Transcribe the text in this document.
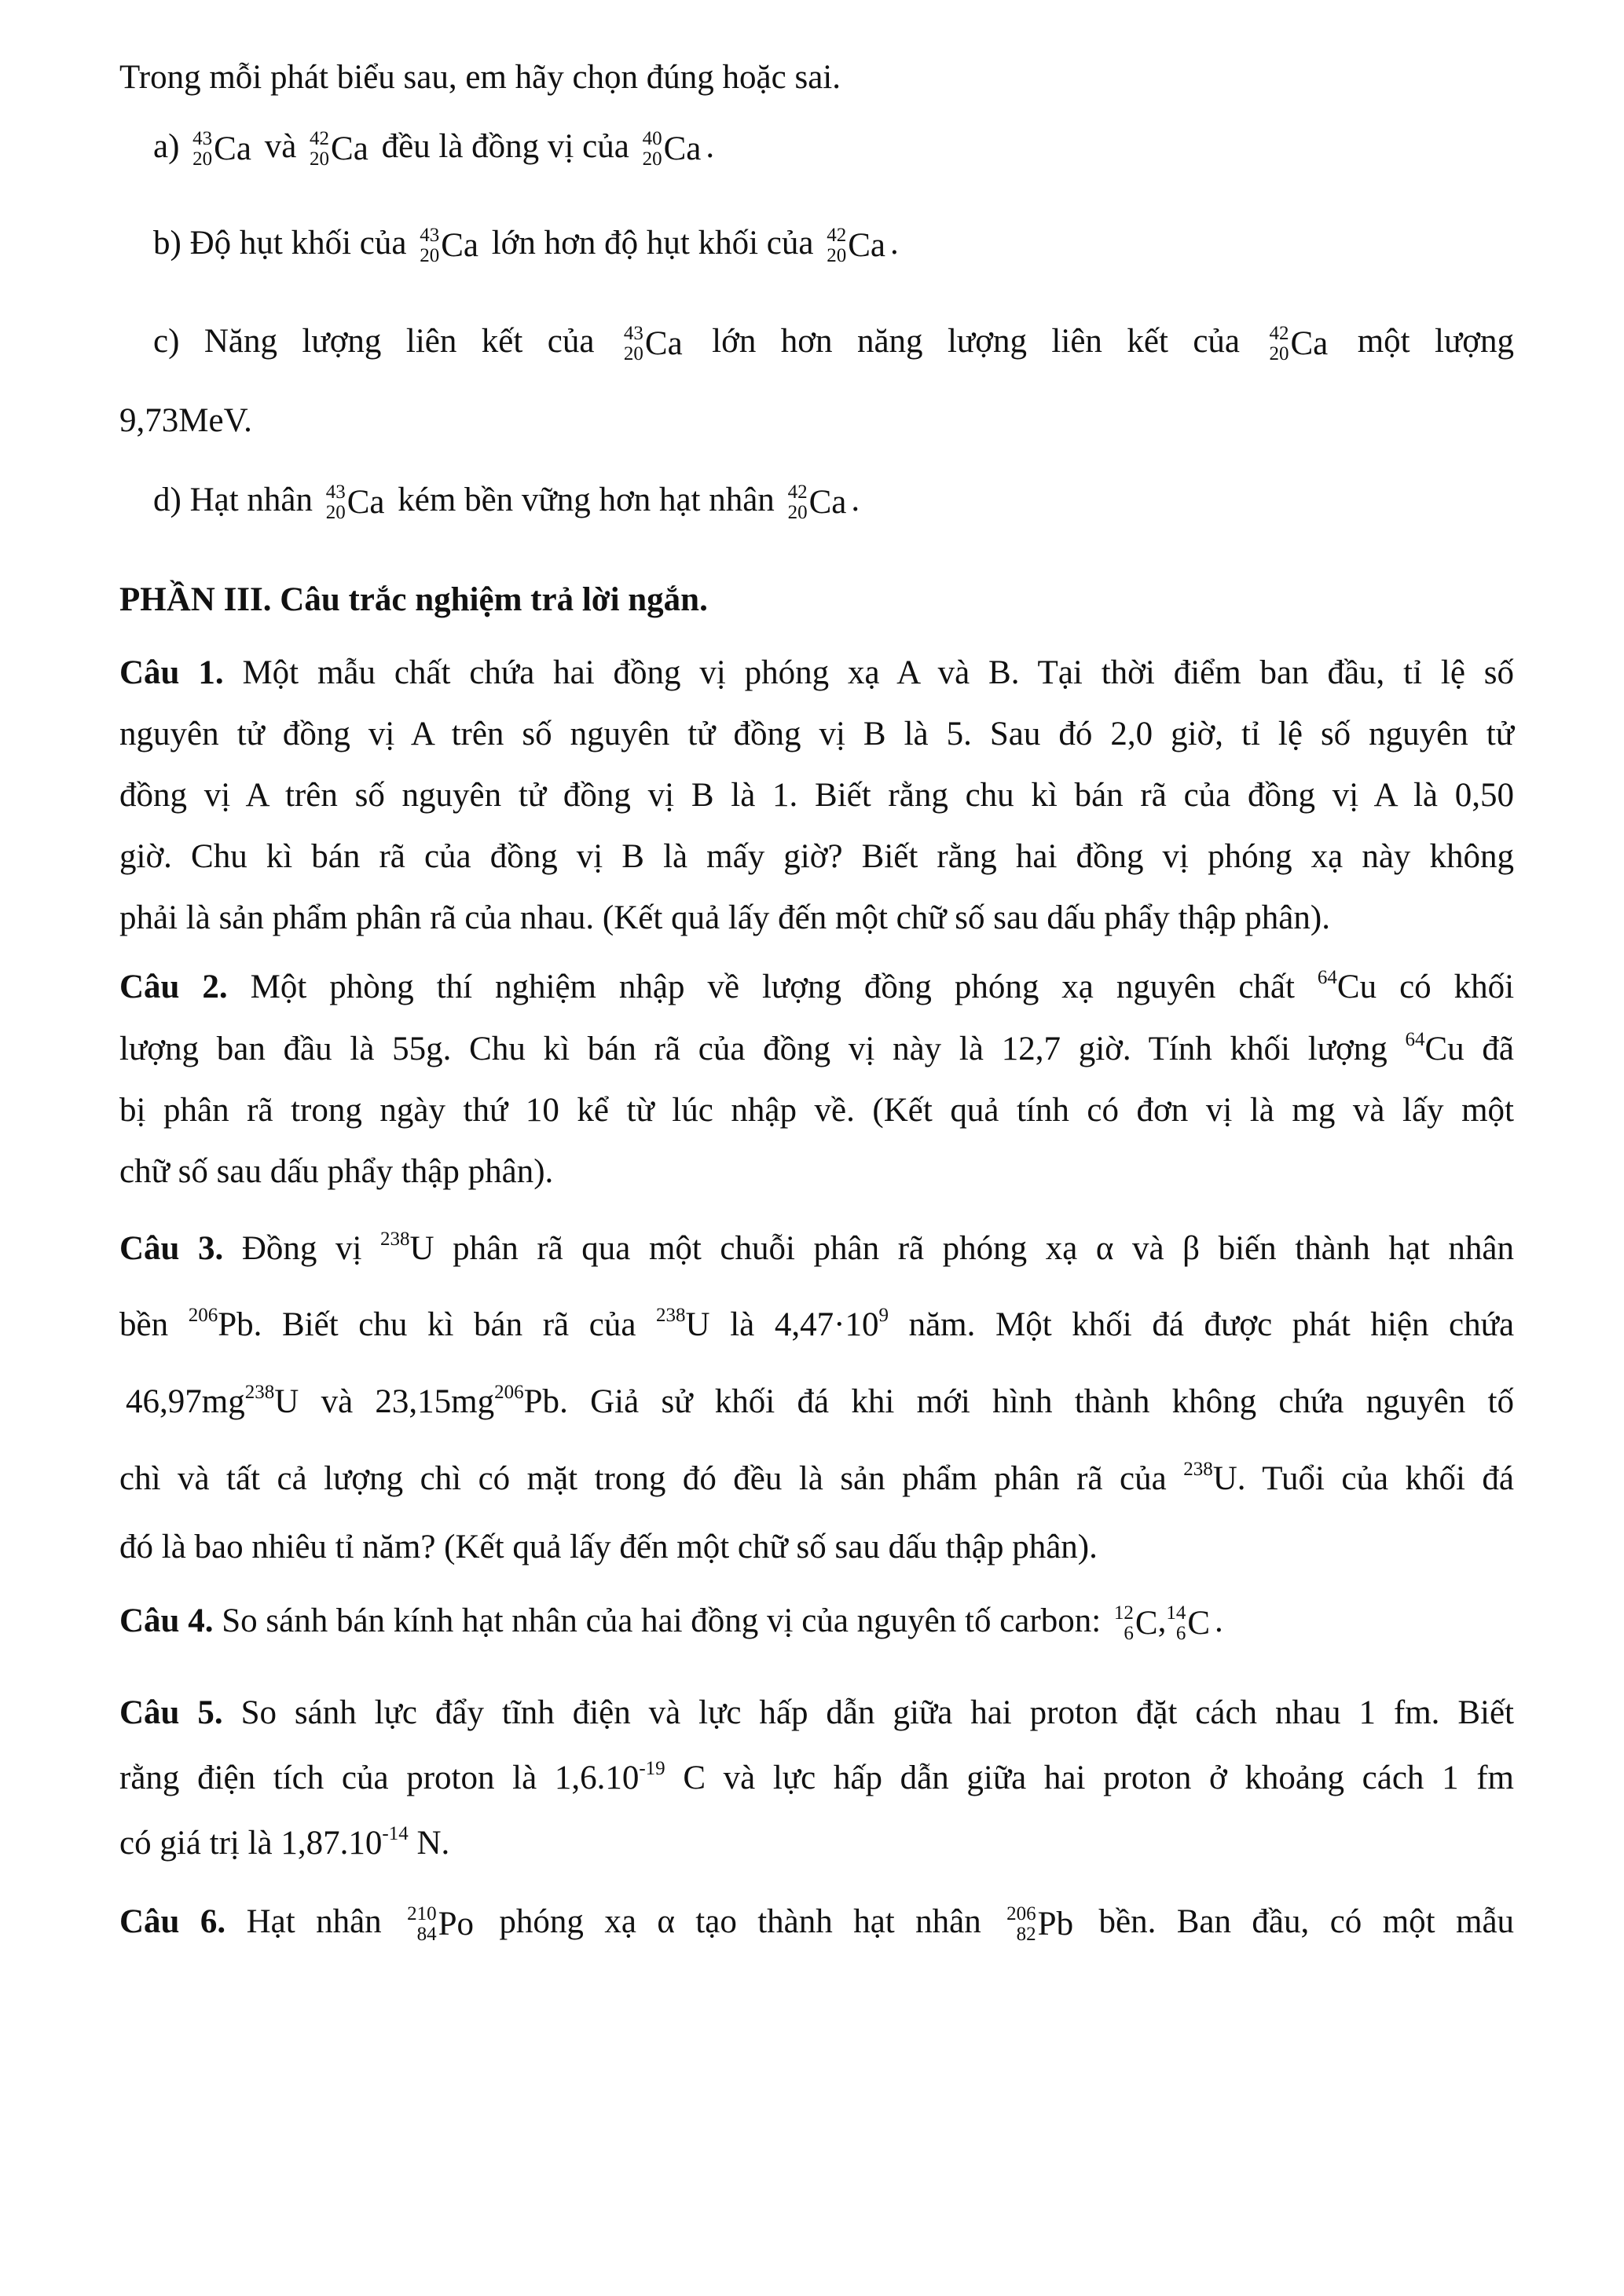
Trong mỗi phát biểu sau, em hãy chọn đúng hoặc sai.
a) 43
20 Ca và 42
20 Ca đều là đồng vị của 40
20 Ca .
b) Độ hụt khối của 43
20 Ca lớn hơn độ hụt khối của 42
20 Ca .
c) Năng lượng liên kết của 43
20 Ca lớn hơn năng lượng liên kết của 42
20 Ca một lượng
9,73MeV.
d) Hạt nhân 43
20 Ca kém bền vững hơn hạt nhân 42
20 Ca .
PHẦN III. Câu trắc nghiệm trả lời ngắn.
Câu 1. Một mẫu chất chứa hai đồng vị phóng xạ A và B. Tại thời điểm ban đầu, tỉ lệ số
nguyên tử đồng vị A trên số nguyên tử đồng vị B là 5. Sau đó 2,0 giờ, tỉ lệ số nguyên tử
đồng vị A trên số nguyên tử đồng vị B là 1. Biết rằng chu kì bán rã của đồng vị A là 0,50
giờ. Chu kì bán rã của đồng vị B là mấy giờ? Biết rằng hai đồng vị phóng xạ này không
phải là sản phẩm phân rã của nhau. (Kết quả lấy đến một chữ số sau dấu phẩy thập phân).
Câu 2. Một phòng thí nghiệm nhập về lượng đồng phóng xạ nguyên chất $^{64}$Cu có khối
lượng ban đầu là 55g. Chu kì bán rã của đồng vị này là 12,7 giờ. Tính khối lượng $^{64}$Cu đã
bị phân rã trong ngày thứ 10 kể từ lúc nhập về. (Kết quả tính có đơn vị là mg và lấy một
chữ số sau dấu phẩy thập phân).
Câu 3. Đồng vị $^{238}$U phân rã qua một chuỗi phân rã phóng xạ α và β biến thành hạt nhân
bền $^{206}$Pb. Biết chu kì bán rã của $^{238}$U là $4,47\cdot 10^9$ năm. Một khối đá được phát hiện chứa
$46,97mg^{238}U$ và $23,15mg^{206}Pb$. Giả sử khối đá khi mới hình thành không chứa nguyên tố
chì và tất cả lượng chì có mặt trong đó đều là sản phẩm phân rã của $^{238}$U. Tuổi của khối đá
đó là bao nhiêu tỉ năm? (Kết quả lấy đến một chữ số sau dấu thập phân).
Câu 4. So sánh bán kính hạt nhân của hai đồng vị của nguyên tố carbon: 12
6 C , 14
6 C .
Câu 5. So sánh lực đẩy tĩnh điện và lực hấp dẫn giữa hai proton đặt cách nhau 1 fm. Biết
rằng điện tích của proton là $1,6.10^{-19}$ C và lực hấp dẫn giữa hai proton ở khoảng cách 1 fm
có giá trị là $1,87.10^{-14}$ N.
Câu 6. Hạt nhân 210
84 Po phóng xạ α tạo thành hạt nhân 206
82 Pb bền. Ban đầu, có một mẫu
